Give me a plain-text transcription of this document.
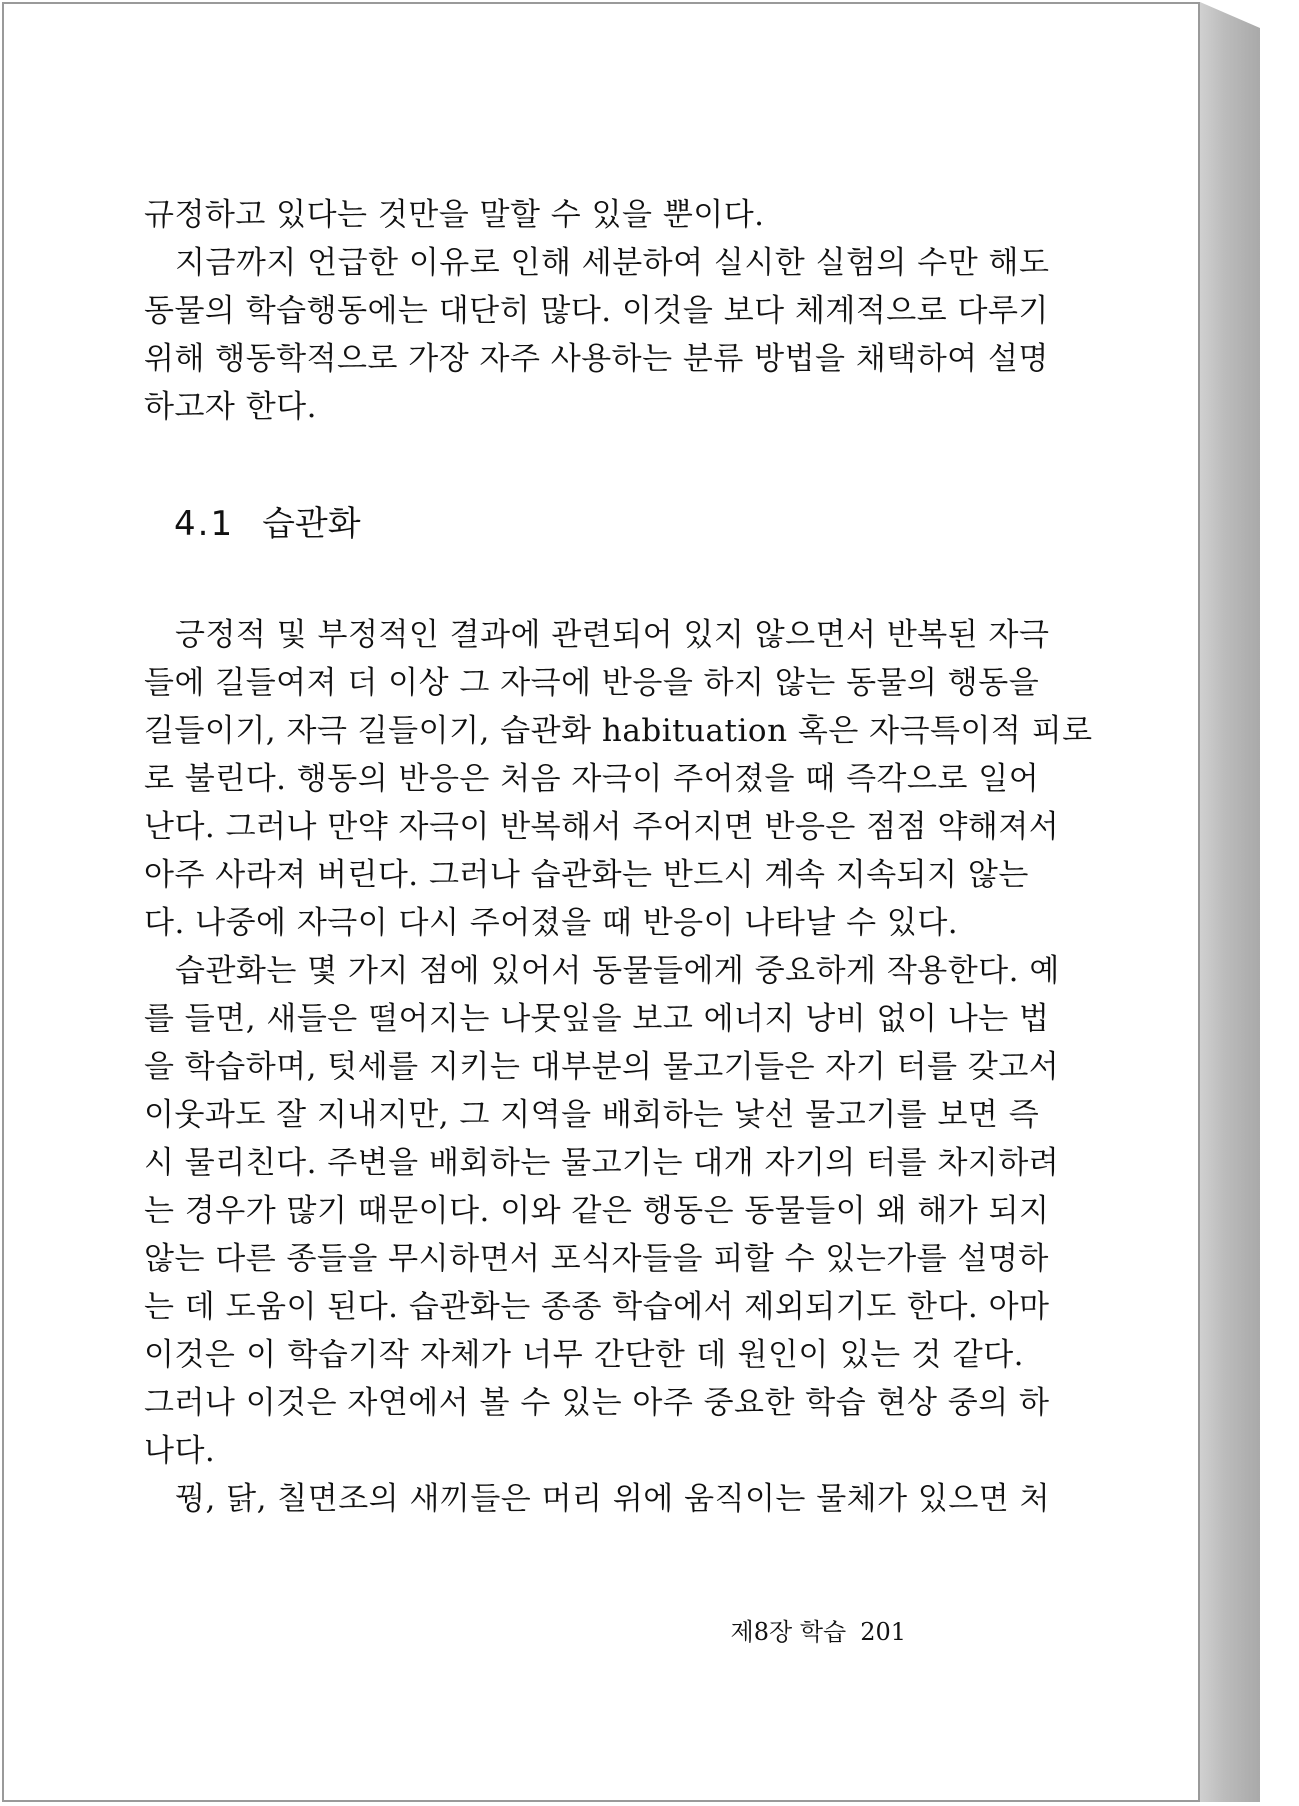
규정하고 있다는 것만을 말할 수 있을 뿐이다.
지금까지 언급한 이유로 인해 세분하여 실시한 실험의 수만 해도
동물의 학습행동에는 대단히 많다. 이것을 보다 체계적으로 다루기
위해 행동학적으로 가장 자주 사용하는 분류 방법을 채택하여 설명
하고자 한다.
4.1 습관화
긍정적 및 부정적인 결과에 관련되어 있지 않으면서 반복된 자극
들에 길들여져 더 이상 그 자극에 반응을 하지 않는 동물의 행동을
길들이기, 자극 길들이기, 습관화 habituation 혹은 자극특이적 피로
로 불린다. 행동의 반응은 처음 자극이 주어졌을 때 즉각으로 일어
난다. 그러나 만약 자극이 반복해서 주어지면 반응은 점점 약해져서
아주 사라져 버린다. 그러나 습관화는 반드시 계속 지속되지 않는
다. 나중에 자극이 다시 주어졌을 때 반응이 나타날 수 있다.
습관화는 몇 가지 점에 있어서 동물들에게 중요하게 작용한다. 예
를 들면, 새들은 떨어지는 나뭇잎을 보고 에너지 낭비 없이 나는 법
을 학습하며, 텃세를 지키는 대부분의 물고기들은 자기 터를 갖고서
이웃과도 잘 지내지만, 그 지역을 배회하는 낯선 물고기를 보면 즉
시 물리친다. 주변을 배회하는 물고기는 대개 자기의 터를 차지하려
는 경우가 많기 때문이다. 이와 같은 행동은 동물들이 왜 해가 되지
않는 다른 종들을 무시하면서 포식자들을 피할 수 있는가를 설명하
는 데 도움이 된다. 습관화는 종종 학습에서 제외되기도 한다. 아마
이것은 이 학습기작 자체가 너무 간단한 데 원인이 있는 것 같다.
그러나 이것은 자연에서 볼 수 있는 아주 중요한 학습 현상 중의 하
나다.
꿩, 닭, 칠면조의 새끼들은 머리 위에 움직이는 물체가 있으면 처
제8장 학습 201
